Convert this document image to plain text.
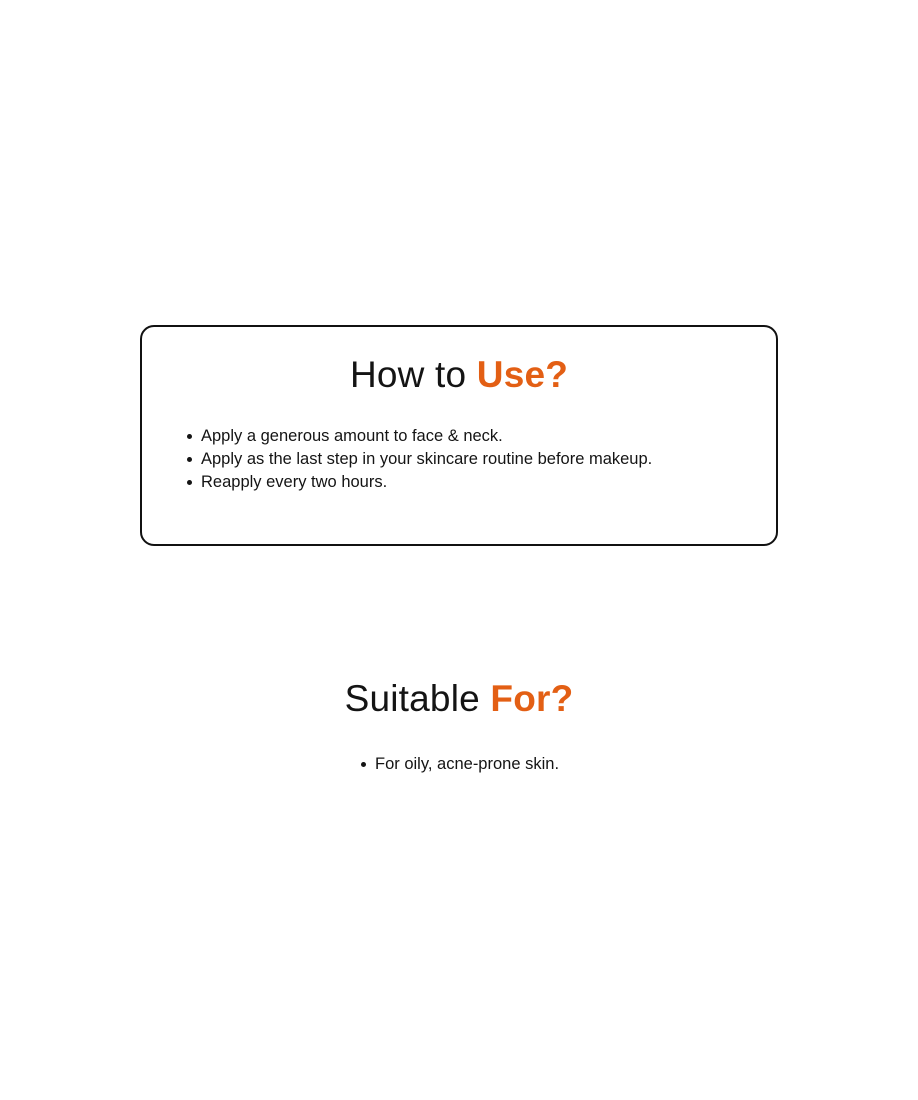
How to Use?
Apply a generous amount to face & neck.
Apply as the last step in your skincare routine before makeup.
Reapply every two hours.
Suitable For?
For oily, acne-prone skin.
